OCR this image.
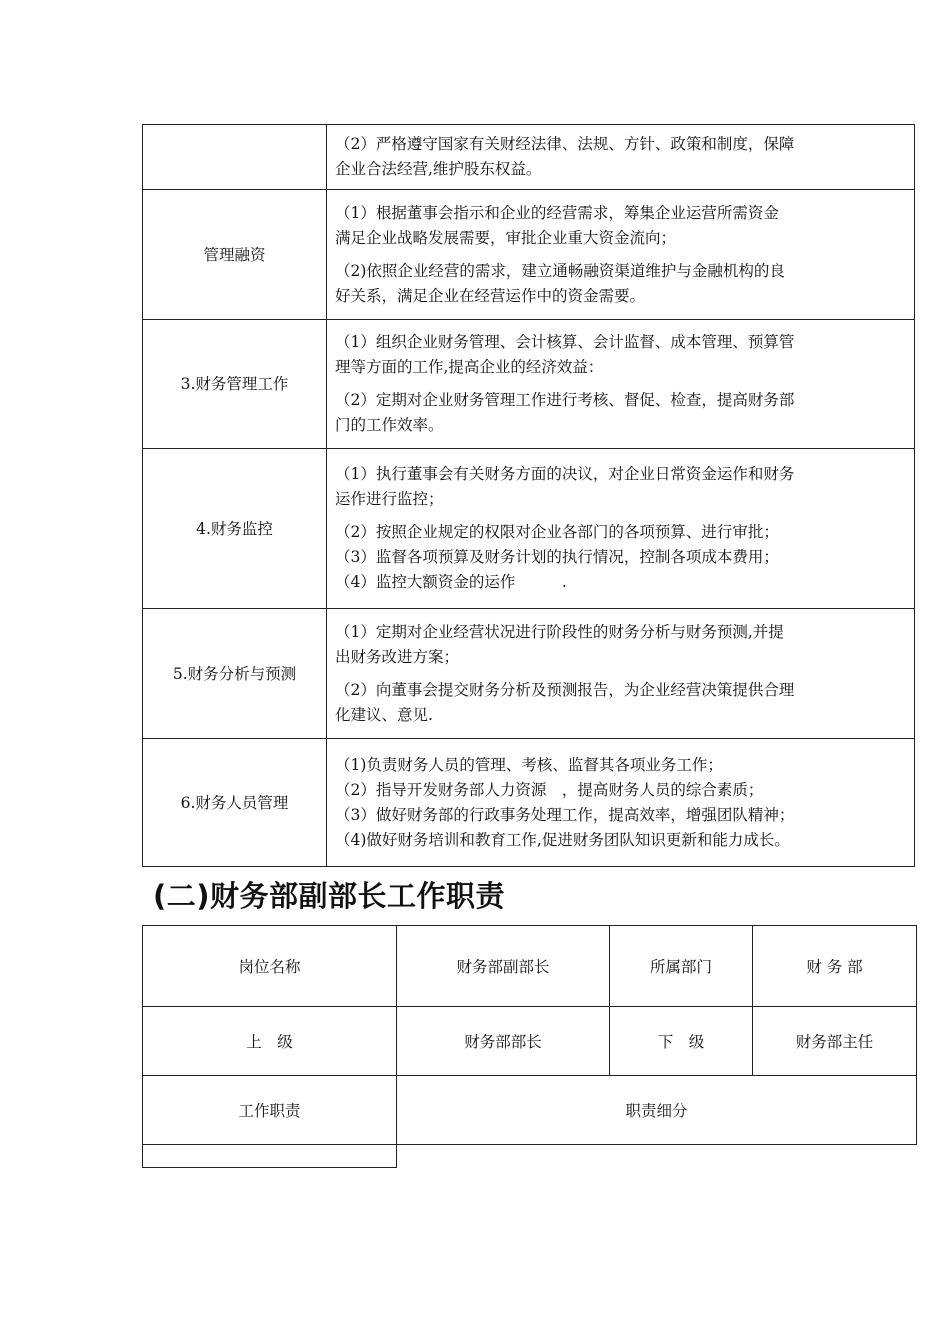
	（2）严格遵守国家有关财经法律、法规、方针、政策和制度，保障
企业合法经营,维护股东权益。

管理融资	（1）根据董事会指示和企业的经营需求，筹集企业运营所需资金
满足企业战略发展需要，审批企业重大资金流向；
（2)依照企业经营的需求，建立通畅融资渠道维护与金融机构的良
好关系，满足企业在经营运作中的资金需要。

3.财务管理工作	（1）组织企业财务管理、会计核算、会计监督、成本管理、预算管
理等方面的工作,提高企业的经济效益：
（2）定期对企业财务管理工作进行考核、督促、检查，提高财务部
门的工作效率。

4.财务监控	（1）执行董事会有关财务方面的决议，对企业日常资金运作和财务
运作进行监控；
（2）按照企业规定的权限对企业各部门的各项预算、进行审批；
（3）监督各项预算及财务计划的执行情况，控制各项成本费用；
（4）监控大额资金的运作　　　.

5.财务分析与预测	（1）定期对企业经营状况进行阶段性的财务分析与财务预测,并提
出财务改进方案；
（2）向董事会提交财务分析及预测报告，为企业经营决策提供合理
化建议、意见.

6.财务人员管理	（1)负责财务人员的管理、考核、监督其各项业务工作；
（2）指导开发财务部人力资源　，提高财务人员的综合素质；
（3）做好财务部的行政事务处理工作，提高效率，增强团队精神；
（4)做好财务培训和教育工作,促进财务团队知识更新和能力成长。
(二)财务部副部长工作职责
岗位名称	财务部副部长	所属部门	财 务 部
上　级	财务部部长	下　级	财务部主任
工作职责	职责细分		
